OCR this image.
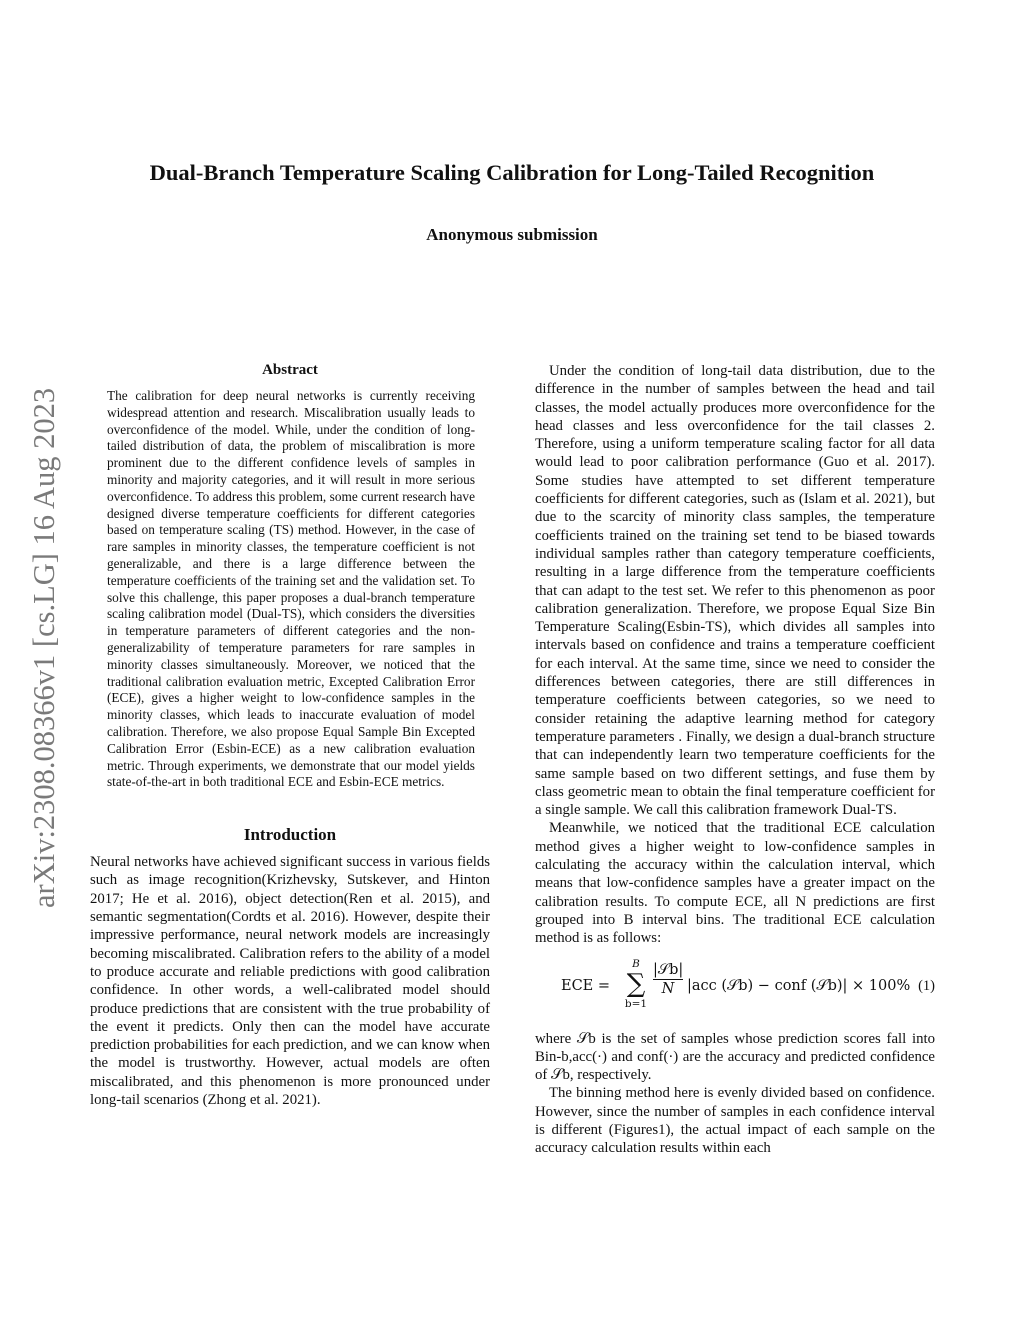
arXiv:2308.08366v1 [cs.LG] 16 Aug 2023
Dual-Branch Temperature Scaling Calibration for Long-Tailed Recognition
Anonymous submission
Abstract

The calibration for deep neural networks is currently receiving widespread attention and research. Miscalibration usually leads to overconfidence of the model. While, under the condition of long-tailed distribution of data, the problem of miscalibration is more prominent due to the different confidence levels of samples in minority and majority categories, and it will result in more serious overconfidence. To address this problem, some current research have designed diverse temperature coefficients for different categories based on temperature scaling (TS) method. However, in the case of rare samples in minority classes, the temperature coefficient is not generalizable, and there is a large difference between the temperature coefficients of the training set and the validation set. To solve this challenge, this paper proposes a dual-branch temperature scaling calibration model (Dual-TS), which considers the diversities in temperature parameters of different categories and the non-generalizability of temperature parameters for rare samples in minority classes simultaneously. Moreover, we noticed that the traditional calibration evaluation metric, Excepted Calibration Error (ECE), gives a higher weight to low-confidence samples in the minority classes, which leads to inaccurate evaluation of model calibration. Therefore, we also propose Equal Sample Bin Excepted Calibration Error (Esbin-ECE) as a new calibration evaluation metric. Through experiments, we demonstrate that our model yields state-of-the-art in both traditional ECE and Esbin-ECE metrics.

Introduction

Neural networks have achieved significant success in various fields such as image recognition(Krizhevsky, Sutskever, and Hinton 2017; He et al. 2016), object detection(Ren et al. 2015), and semantic segmentation(Cordts et al. 2016). However, despite their impressive performance, neural network models are increasingly becoming miscalibrated. Calibration refers to the ability of a model to produce accurate and reliable predictions with good calibration confidence. In other words, a well-calibrated model should produce predictions that are consistent with the true probability of the event it predicts. Only then can the model have accurate prediction probabilities for each prediction, and we can know when the model is trustworthy. However, actual models are often miscalibrated, and this phenomenon is more pronounced under long-tail scenarios (Zhong et al. 2021).

Under the condition of long-tail data distribution, due to the difference in the number of samples between the head and tail classes, the model actually produces more overconfidence for the head classes and less overconfidence for the tail classes 2. Therefore, using a uniform temperature scaling factor for all data would lead to poor calibration performance (Guo et al. 2017). Some studies have attempted to set different temperature coefficients for different categories, such as (Islam et al. 2021), but due to the scarcity of minority class samples, the temperature coefficients trained on the training set tend to be biased towards individual samples rather than category temperature coefficients, resulting in a large difference from the temperature coefficients that can adapt to the test set. We refer to this phenomenon as poor calibration generalization. Therefore, we propose Equal Size Bin Temperature Scaling(Esbin-TS), which divides all samples into intervals based on confidence and trains a temperature coefficient for each interval. At the same time, since we need to consider the differences between categories, there are still differences in temperature coefficients between categories, so we need to consider retaining the adaptive learning method for category temperature parameters . Finally, we design a dual-branch structure that can independently learn two temperature coefficients for the same sample based on two different settings, and fuse them by class geometric mean to obtain the final temperature coefficient for a single sample. We call this calibration framework Dual-TS.

Meanwhile, we noticed that the traditional ECE calculation method gives a higher weight to low-confidence samples in calculating the accuracy within the calculation interval, which means that low-confidence samples have a greater impact on the calibration results. To compute ECE, all N predictions are first grouped into B interval bins. The traditional ECE calculation method is as follows:

ECE =
B
∑
b=1
|𝒮b|
N |acc (𝒮b) − conf (𝒮b)| × 100% (1)

where 𝒮b is the set of samples whose prediction scores fall into Bin-b,acc(·) and conf(·) are the accuracy and predicted confidence of 𝒮b, respectively.

The binning method here is evenly divided based on confidence. However, since the number of samples in each confidence interval is different (Figures1), the actual impact of each sample on the accuracy calculation results within each
